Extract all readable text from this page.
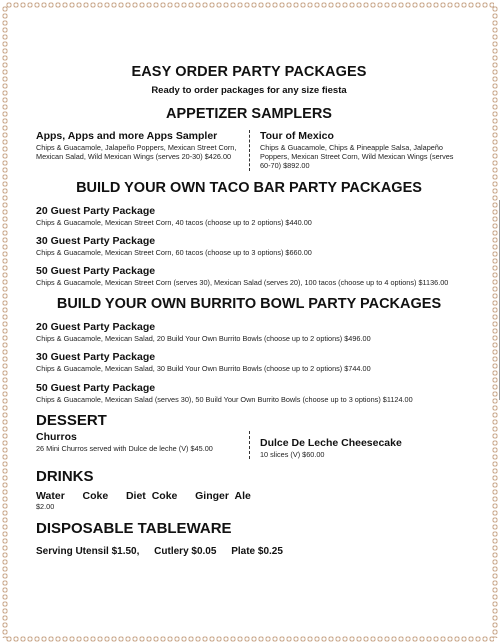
EASY ORDER PARTY PACKAGES
Ready to order packages for any size fiesta
APPETIZER SAMPLERS
Apps, Apps and more Apps Sampler
Chips & Guacamole, Jalapeño Poppers, Mexican Street Corn, Mexican Salad, Wild Mexican Wings (serves 20-30) $426.00
Tour of Mexico
Chips & Guacamole, Chips & Pineapple Salsa, Jalapeño Poppers, Mexican Street Corn, Wild Mexican Wings (serves 60-70) $892.00
BUILD YOUR OWN TACO BAR PARTY PACKAGES
20 Guest Party Package
Chips & Guacamole, Mexican Street Corn, 40 tacos (choose up to 2 options) $440.00
30 Guest Party Package
Chips & Guacamole, Mexican Street Corn, 60 tacos (choose up to 3 options) $660.00
50 Guest Party Package
Chips & Guacamole, Mexican Street Corn (serves 30), Mexican Salad (serves 20), 100 tacos (choose up to 4 options) $1136.00
BUILD YOUR OWN BURRITO BOWL PARTY PACKAGES
20 Guest Party Package
Chips & Guacamole, Mexican Salad, 20 Build Your Own Burrito Bowls (choose up to 2 options) $496.00
30 Guest Party Package
Chips & Guacamole, Mexican Salad, 30 Build Your Own Burrito Bowls (choose up to 2 options) $744.00
50 Guest Party Package
Chips & Guacamole, Mexican Salad (serves 30), 50 Build Your Own Burrito Bowls (choose up to 3 options) $1124.00
DESSERT
Churros
26 Mini Churros served with Dulce de leche (V) $45.00	Dulce De Leche Cheesecake
10 slices (V) $60.00
DRINKS
Water   Coke   Diet Coke   Ginger Ale
$2.00
DISPOSABLE TABLEWARE
Serving Utensil $1.50, Cutlery $0.05 Plate $0.25
